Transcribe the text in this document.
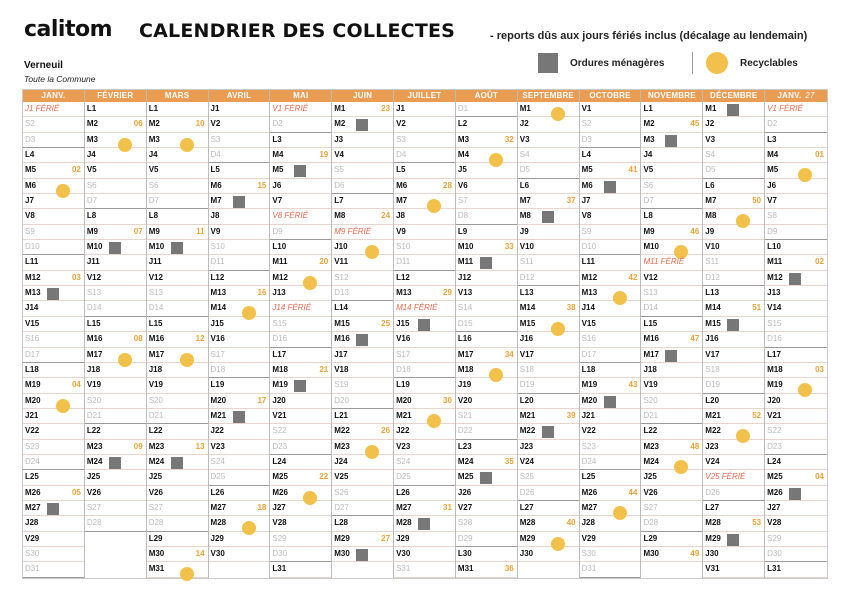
calitom CALENDRIER DES COLLECTES	- reports dûs aux jours fériés inclus (décalage au lendemain)
Verneuil
Toute la Commune
Ordures ménagères	Recyclables
JANV.
J1 FÉRIÉ
S2
D3
L4
M5	02
M6
J7
V8
S9
D10
L11
M12	03
M13
J14
V15
S16
D17
L18
M19	04
M20
J21
V22
S23
D24
L25
M26	05
M27
J28
V29
S30
D31
FÉVRIER
L1
M2	06
M3
J4
V5
S6
D7
L8
M9	07
M10
J11
V12
S13
D14
L15
M16	08
M17
J18
V19
S20
D21
L22
M23	09
M24
J25
V26
S27
D28
MARS
L1
M2	10
M3
J4
V5
S6
D7
L8
M9	11
M10
J11
V12
S13
D14
L15
M16	12
M17
J18
V19
S20
D21
L22
M23	13
M24
J25
V26
S27
D28
L29
M30	14
M31
AVRIL
J1
V2
S3
D4
L5
M6	15
M7
J8
V9
S10
D11
L12
M13	16
M14
J15
V16
S17
D18
L19
M20	17
M21
J22
V23
S24
D25
L26
M27	18
M28
J29
V30
MAI
V1 FÉRIÉ
D2
L3
M4	19
M5
J6
V7
V8 FÉRIÉ
D9
L10
M11	20
M12
J13
J14 FÉRIÉ
S15
D16
L17
M18	21
M19
J20
V21
S22
D23
L24
M25	22
M26
J27
V28
S29
D30
L31
JUIN
M1	23
M2
J3
V4
S5
D6
L7
M8	24
M9 FÉRIÉ
J10
V11
S12
D13
L14
M15	25
M16
J17
V18
S19
D20
L21
M22	26
M23
J24
V25
S26
D27
L28
M29	27
M30
JUILLET
J1
V2
S3
D4
L5
M6	28
M7
J8
V9
S10
D11
L12
M13	29
M14 FÉRIÉ
J15
V16
S17
D18
L19
M20	30
M21
J22
V23
S24
D25
L26
M27	31
M28
J29
V30
S31
AOÛT
D1
L2
M3	32
M4
J5
V6
S7
D8
L9
M10	33
M11
J12
V13
S14
D15
L16
M17	34
M18
J19
V20
S21
D22
L23
M24	35
M25
J26
V27
S28
D29
L30
M31	36
SEPTEMBRE
M1
J2
V3
S4
D5
L6
M7	37
M8
J9
V10
S11
D12
L13
M14	38
M15
J16
V17
S18
D19
L20
M21	39
M22
J23
V24
S25
D26
L27
M28	40
M29
J30
OCTOBRE
V1
S2
D3
L4
M5	41
M6
J7
V8
S9
D10
L11
M12	42
M13
J14
V15
S16
D17
L18
M19	43
M20
J21
V22
S23
D24
L25
M26	44
M27
J28
V29
S30
D31
NOVEMBRE
L1
M2	45
M3
J4
V5
S6
D7
L8
M9	46
M10
M11 FÉRIÉ
V12
S13
D14
L15
M16	47
M17
J18
V19
S20
D21
L22
M23	48
M24
J25
V26
S27
D28
L29
M30	49
DÉCEMBRE
M1
J2
V3
S4
D5
L6
M7	50
M8
J9
V10
S11
D12
L13
M14	51
M15
J16
V17
S18
D19
L20
M21	52
M22
J23
V24
V25 FÉRIÉ
D26
L27
M28	53
M29
J30
V31
JANV. 27
V1 FÉRIÉ
D2
L3
M4	01
M5
J6
V7
S8
D9
L10
M11	02
M12
J13
V14
S15
D16
L17
M18	03
M19
J20
V21
S22
D23
L24
M25	04
M26
J27
V28
S29
D30
L31
